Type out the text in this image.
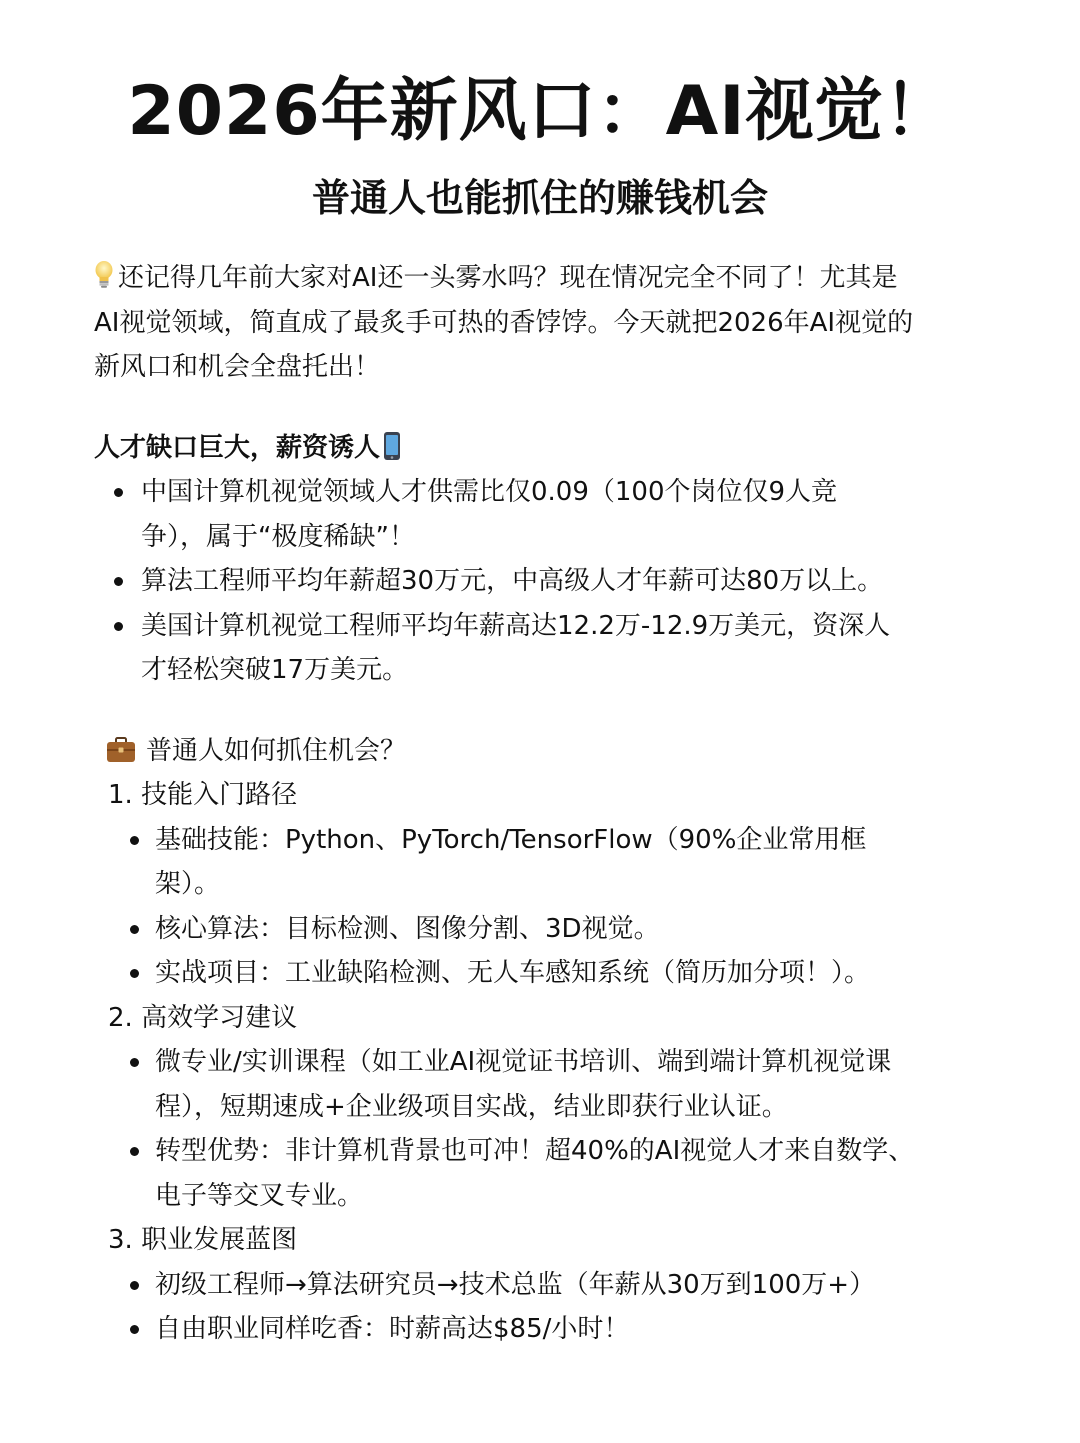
2026年新风口：AI视觉！
普通人也能抓住的赚钱机会
还记得几年前大家对AI还一头雾水吗？现在情况完全不同了！尤其是
AI视觉领域，简直成了最炙手可热的香饽饽。今天就把2026年AI视觉的
新风口和机会全盘托出！
人才缺口巨大，薪资诱人
中国计算机视觉领域人才供需比仅0.09（100个岗位仅9人竞
争），属于“极度稀缺”！
算法工程师平均年薪超30万元，中高级人才年薪可达80万以上。
美国计算机视觉工程师平均年薪高达12.2万-12.9万美元，资深人
才轻松突破17万美元。
普通人如何抓住机会？
1. 技能入门路径
基础技能：Python、PyTorch/TensorFlow（90%企业常用框
架）。
核心算法：目标检测、图像分割、3D视觉。
实战项目：工业缺陷检测、无人车感知系统（简历加分项！）。
2. 高效学习建议
微专业/实训课程（如工业AI视觉证书培训、端到端计算机视觉课
程），短期速成+企业级项目实战，结业即获行业认证。
转型优势：非计算机背景也可冲！超40%的AI视觉人才来自数学、
电子等交叉专业。
3. 职业发展蓝图
初级工程师→算法研究员→技术总监（年薪从30万到100万+）
自由职业同样吃香：时薪高达$85/小时！
